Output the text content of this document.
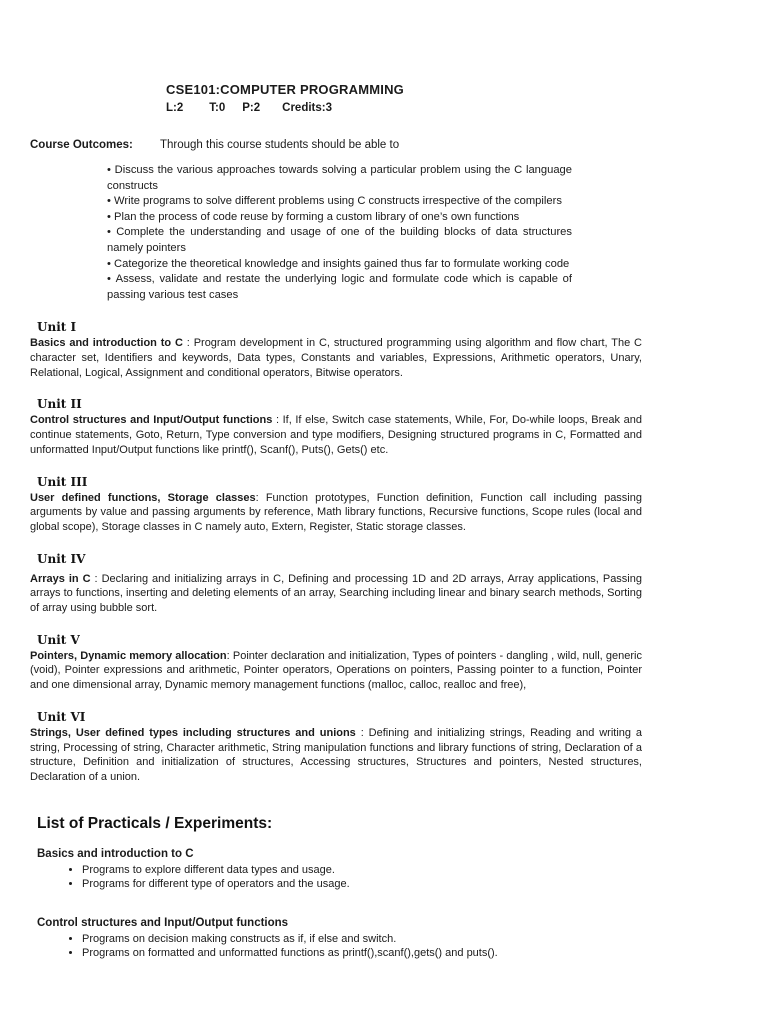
CSE101:COMPUTER PROGRAMMING
L:2 T:0 P:2 Credits:3
Course Outcomes:	Through this course students should be able to
• Discuss the various approaches towards solving a particular problem using the C language constructs
• Write programs to solve different problems using C constructs irrespective of the compilers
• Plan the process of code reuse by forming a custom library of one’s own functions
• Complete the understanding and usage of one of the building blocks of data structures namely pointers
• Categorize the theoretical knowledge and insights gained thus far to formulate working code
• Assess, validate and restate the underlying logic and formulate code which is capable of passing various test cases
Unit I

Basics and introduction to C : Program development in C, structured programming using algorithm and flow chart, The C character set, Identifiers and keywords, Data types, Constants and variables, Expressions, Arithmetic operators, Unary, Relational, Logical, Assignment and conditional operators, Bitwise operators.

Unit II

Control structures and Input/Output functions : If, If else, Switch case statements, While, For, Do-while loops, Break and continue statements, Goto, Return, Type conversion and type modifiers, Designing structured programs in C, Formatted and unformatted Input/Output functions like printf(), Scanf(), Puts(), Gets() etc.

Unit III

User defined functions, Storage classes: Function prototypes, Function definition, Function call including passing arguments by value and passing arguments by reference, Math library functions, Recursive functions, Scope rules (local and global scope), Storage classes in C namely auto, Extern, Register, Static storage classes.

Unit IV

Arrays in C : Declaring and initializing arrays in C, Defining and processing 1D and 2D arrays, Array applications, Passing arrays to functions, inserting and deleting elements of an array, Searching including linear and binary search methods, Sorting of array using bubble sort.

Unit V

Pointers, Dynamic memory allocation: Pointer declaration and initialization, Types of pointers - dangling , wild, null, generic (void), Pointer expressions and arithmetic, Pointer operators, Operations on pointers, Passing pointer to a function, Pointer and one dimensional array, Dynamic memory management functions (malloc, calloc, realloc and free),

Unit VI

Strings, User defined types including structures and unions : Defining and initializing strings, Reading and writing a string, Processing of string, Character arithmetic, String manipulation functions and library functions of string, Declaration of a structure, Definition and initialization of structures, Accessing structures, Structures and pointers, Nested structures, Declaration of a union.

List of Practicals / Experiments:
Basics and introduction to C
• Programs to explore different data types and usage.
• Programs for different type of operators and the usage.
Control structures and Input/Output functions
• Programs on decision making constructs as if, if else and switch.
• Programs on formatted and unformatted functions as printf(),scanf(),gets() and puts().
